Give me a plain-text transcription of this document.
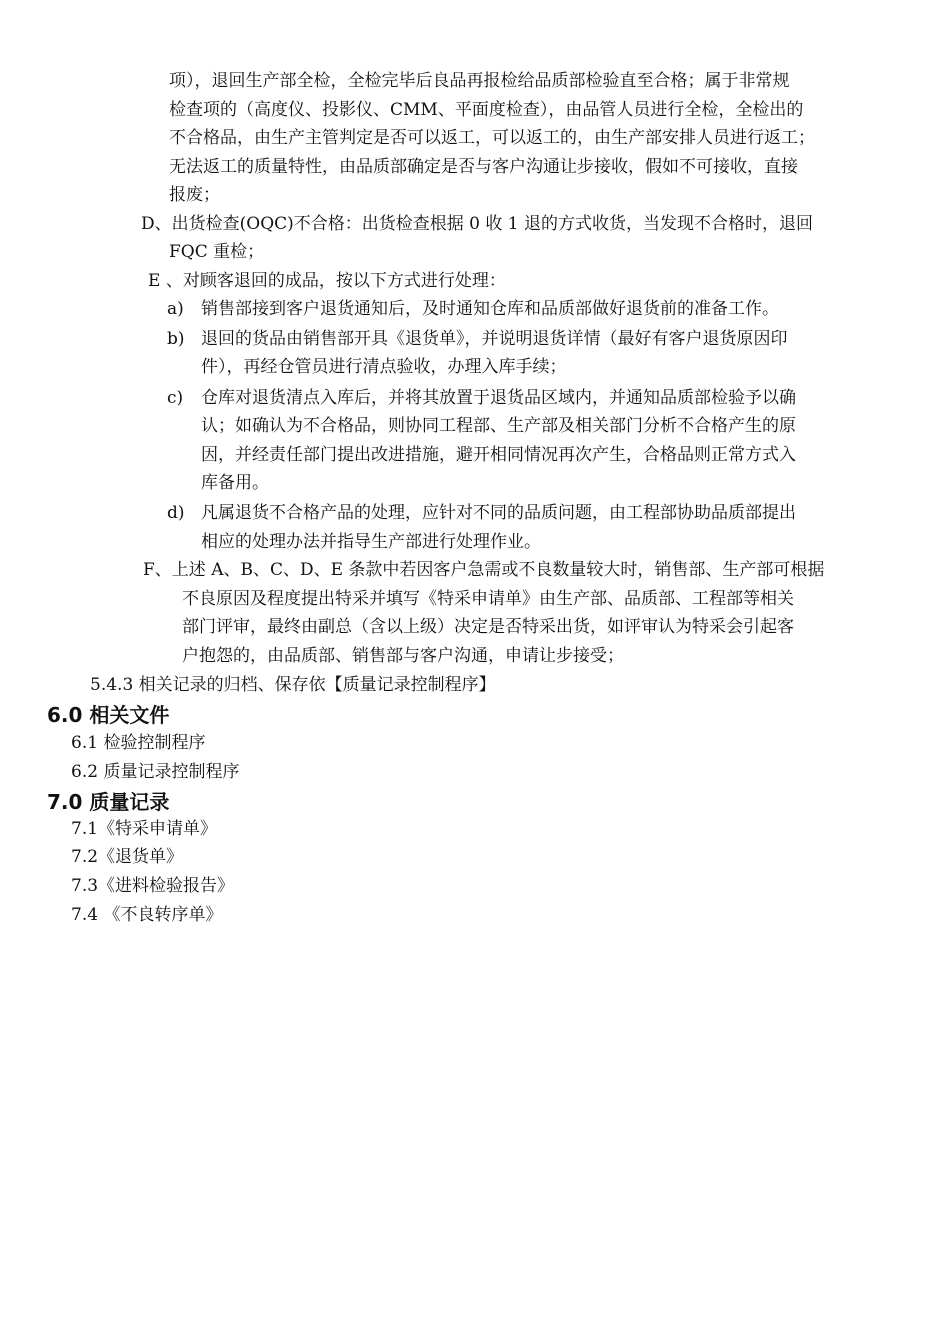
项），退回生产部全检，全检完毕后良品再报检给品质部检验直至合格；属于非常规
检查项的（高度仪、投影仪、CMM、平面度检查），由品管人员进行全检，全检出的
不合格品，由生产主管判定是否可以返工，可以返工的，由生产部安排人员进行返工；
无法返工的质量特性，由品质部确定是否与客户沟通让步接收，假如不可接收，直接
报废；
D、出货检查(OQC)不合格：出货检查根据 0 收 1 退的方式收货，当发现不合格时，退回
FQC 重检；
E 、对顾客退回的成品，按以下方式进行处理：
a) 销售部接到客户退货通知后，及时通知仓库和品质部做好退货前的准备工作。
b) 退回的货品由销售部开具《退货单》，并说明退货详情（最好有客户退货原因印
件），再经仓管员进行清点验收，办理入库手续；
c) 仓库对退货清点入库后，并将其放置于退货品区域内，并通知品质部检验予以确
认；如确认为不合格品，则协同工程部、生产部及相关部门分析不合格产生的原
因，并经责任部门提出改进措施，避开相同情况再次产生，合格品则正常方式入
库备用。
d) 凡属退货不合格产品的处理，应针对不同的品质问题，由工程部协助品质部提出
相应的处理办法并指导生产部进行处理作业。
F、上述 A、B、C、D、E 条款中若因客户急需或不良数量较大时，销售部、生产部可根据
不良原因及程度提出特采并填写《特采申请单》由生产部、品质部、工程部等相关
部门评审，最终由副总（含以上级）决定是否特采出货，如评审认为特采会引起客
户抱怨的，由品质部、销售部与客户沟通，申请让步接受；
5.4.3 相关记录的归档、保存依【质量记录控制程序】
6.0 相关文件
6.1 检验控制程序
6.2 质量记录控制程序
7.0 质量记录
7.1《特采申请单》
7.2《退货单》
7.3《进料检验报告》
7.4 《不良转序单》
